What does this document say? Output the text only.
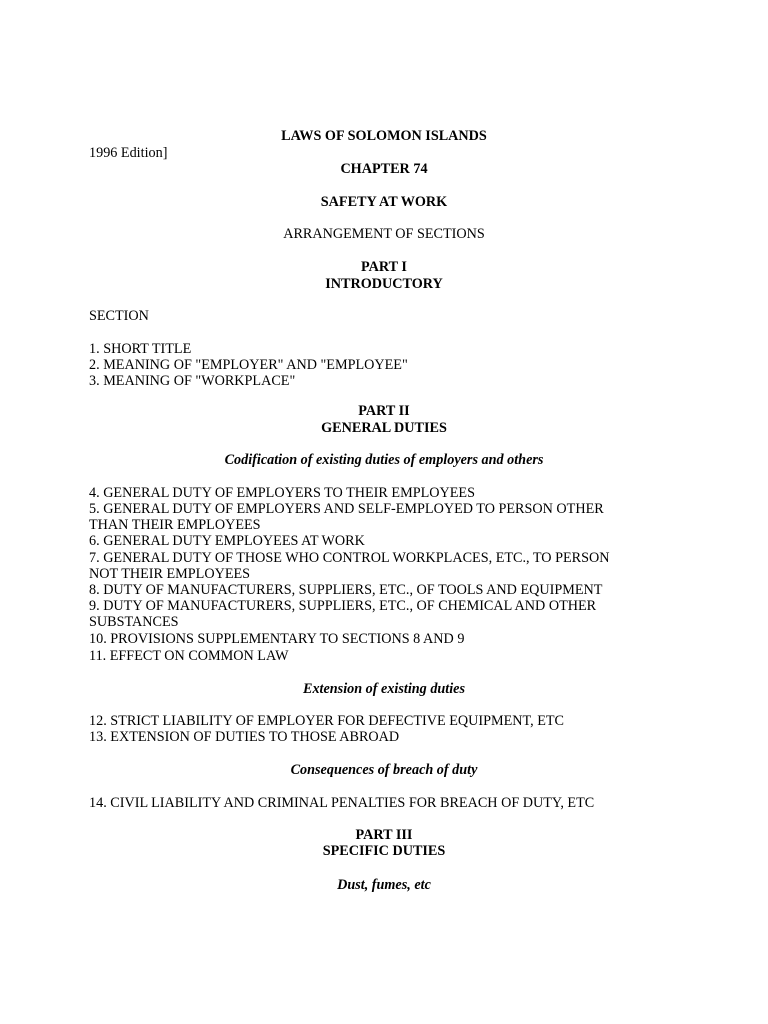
LAWS OF SOLOMON ISLANDS
1996 Edition]
CHAPTER 74
SAFETY AT WORK
ARRANGEMENT OF SECTIONS
PART I
INTRODUCTORY
SECTION
1. SHORT TITLE
2. MEANING OF "EMPLOYER" AND "EMPLOYEE"
3. MEANING OF "WORKPLACE"
PART II
GENERAL DUTIES
Codification of existing duties of employers and others
4. GENERAL DUTY OF EMPLOYERS TO THEIR EMPLOYEES
5. GENERAL DUTY OF EMPLOYERS AND SELF-EMPLOYED TO PERSON OTHER
THAN THEIR EMPLOYEES
6. GENERAL DUTY EMPLOYEES AT WORK
7. GENERAL DUTY OF THOSE WHO CONTROL WORKPLACES, ETC., TO PERSON
NOT THEIR EMPLOYEES
8. DUTY OF MANUFACTURERS, SUPPLIERS, ETC., OF TOOLS AND EQUIPMENT
9. DUTY OF MANUFACTURERS, SUPPLIERS, ETC., OF CHEMICAL AND OTHER
SUBSTANCES
10. PROVISIONS SUPPLEMENTARY TO SECTIONS 8 AND 9
11. EFFECT ON COMMON LAW
Extension of existing duties
12. STRICT LIABILITY OF EMPLOYER FOR DEFECTIVE EQUIPMENT, ETC
13. EXTENSION OF DUTIES TO THOSE ABROAD
Consequences of breach of duty
14. CIVIL LIABILITY AND CRIMINAL PENALTIES FOR BREACH OF DUTY, ETC
PART III
SPECIFIC DUTIES
Dust, fumes, etc
